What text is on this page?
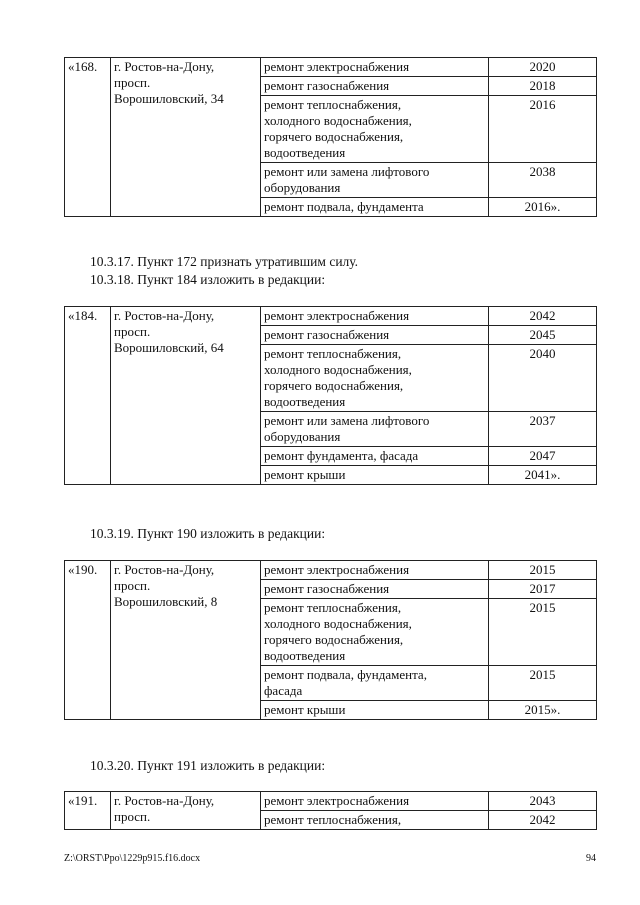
«168.	г. Ростов-на-Дону,
просп.
Ворошиловский, 34	ремонт электроснабжения	2020

		ремонт газоснабжения	2018

		ремонт теплоснабжения,
холодного водоснабжения,
горячего водоснабжения,
водоотведения	2016

		ремонт или замена лифтового
оборудования	2038

		ремонт подвала, фундамента	2016».
10.3.17. Пункт 172 признать утратившим силу.
10.3.18. Пункт 184 изложить в редакции:
«184.	г. Ростов-на-Дону,
просп.
Ворошиловский, 64	ремонт электроснабжения	2042

		ремонт газоснабжения	2045

		ремонт теплоснабжения,
холодного водоснабжения,
горячего водоснабжения,
водоотведения	2040

		ремонт или замена лифтового
оборудования	2037

		ремонт фундамента, фасада	2047

		ремонт крыши	2041».
10.3.19. Пункт 190 изложить в редакции:
«190.	г. Ростов-на-Дону,
просп.
Ворошиловский, 8	ремонт электроснабжения	2015

		ремонт газоснабжения	2017

		ремонт теплоснабжения,
холодного водоснабжения,
горячего водоснабжения,
водоотведения	2015

		ремонт подвала, фундамента,
фасада	2015

		ремонт крыши	2015».
10.3.20. Пункт 191 изложить в редакции:
«191.	г. Ростов-на-Дону,
просп.	ремонт электроснабжения	2043

		ремонт теплоснабжения,	2042
Z:\ORST\Ppo\1229p915.f16.docx	94
